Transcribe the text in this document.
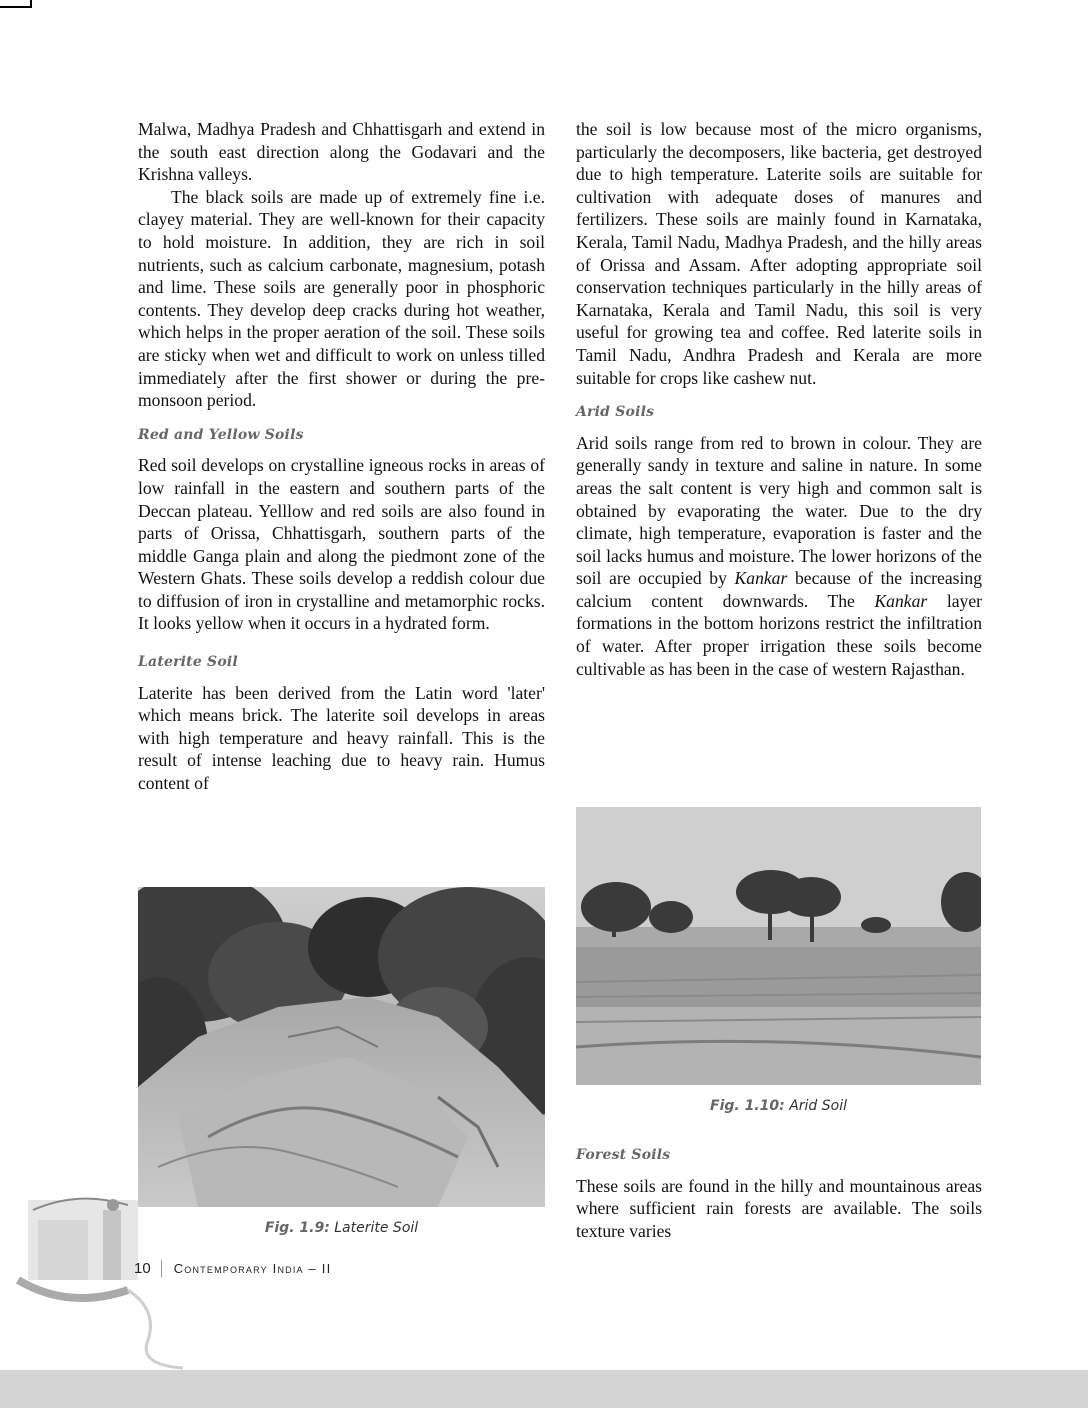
Malwa, Madhya Pradesh and Chhattisgarh and extend in the south east direction along the Godavari and the Krishna valleys.

The black soils are made up of extremely fine i.e. clayey material. They are well-known for their capacity to hold moisture. In addition, they are rich in soil nutrients, such as calcium carbonate, magnesium, potash and lime. These soils are generally poor in phosphoric contents. They develop deep cracks during hot weather, which helps in the proper aeration of the soil. These soils are sticky when wet and difficult to work on unless tilled immediately after the first shower or during the pre-monsoon period.

Red and Yellow Soils

Red soil develops on crystalline igneous rocks in areas of low rainfall in the eastern and southern parts of the Deccan plateau. Yelllow and red soils are also found in parts of Orissa, Chhattisgarh, southern parts of the middle Ganga plain and along the piedmont zone of the Western Ghats. These soils develop a reddish colour due to diffusion of iron in crystalline and metamorphic rocks. It looks yellow when it occurs in a hydrated form.

Laterite Soil

Laterite has been derived from the Latin word 'later' which means brick. The laterite soil develops in areas with high temperature and heavy rainfall. This is the result of intense leaching due to heavy rain. Humus content of

the soil is low because most of the micro organisms, particularly the decomposers, like bacteria, get destroyed due to high temperature. Laterite soils are suitable for cultivation with adequate doses of manures and fertilizers. These soils are mainly found in Karnataka, Kerala, Tamil Nadu, Madhya Pradesh, and the hilly areas of Orissa and Assam. After adopting appropriate soil conservation techniques particularly in the hilly areas of Karnataka, Kerala and Tamil Nadu, this soil is very useful for growing tea and coffee. Red laterite soils in Tamil Nadu, Andhra Pradesh and Kerala are more suitable for crops like cashew nut.

Arid Soils

Arid soils range from red to brown in colour. They are generally sandy in texture and saline in nature. In some areas the salt content is very high and common salt is obtained by evaporating the water. Due to the dry climate, high temperature, evaporation is faster and the soil lacks humus and moisture. The lower horizons of the soil are occupied by Kankar because of the increasing calcium content downwards. The Kankar layer formations in the bottom horizons restrict the infiltration of water. After proper irrigation these soils become cultivable as has been in the case of western Rajasthan.

Forest Soils

These soils are found in the hilly and mountainous areas where sufficient rain forests are available. The soils texture varies

Fig. 1.9: Laterite Soil
Fig. 1.10: Arid Soil
10	Contemporary India – II
